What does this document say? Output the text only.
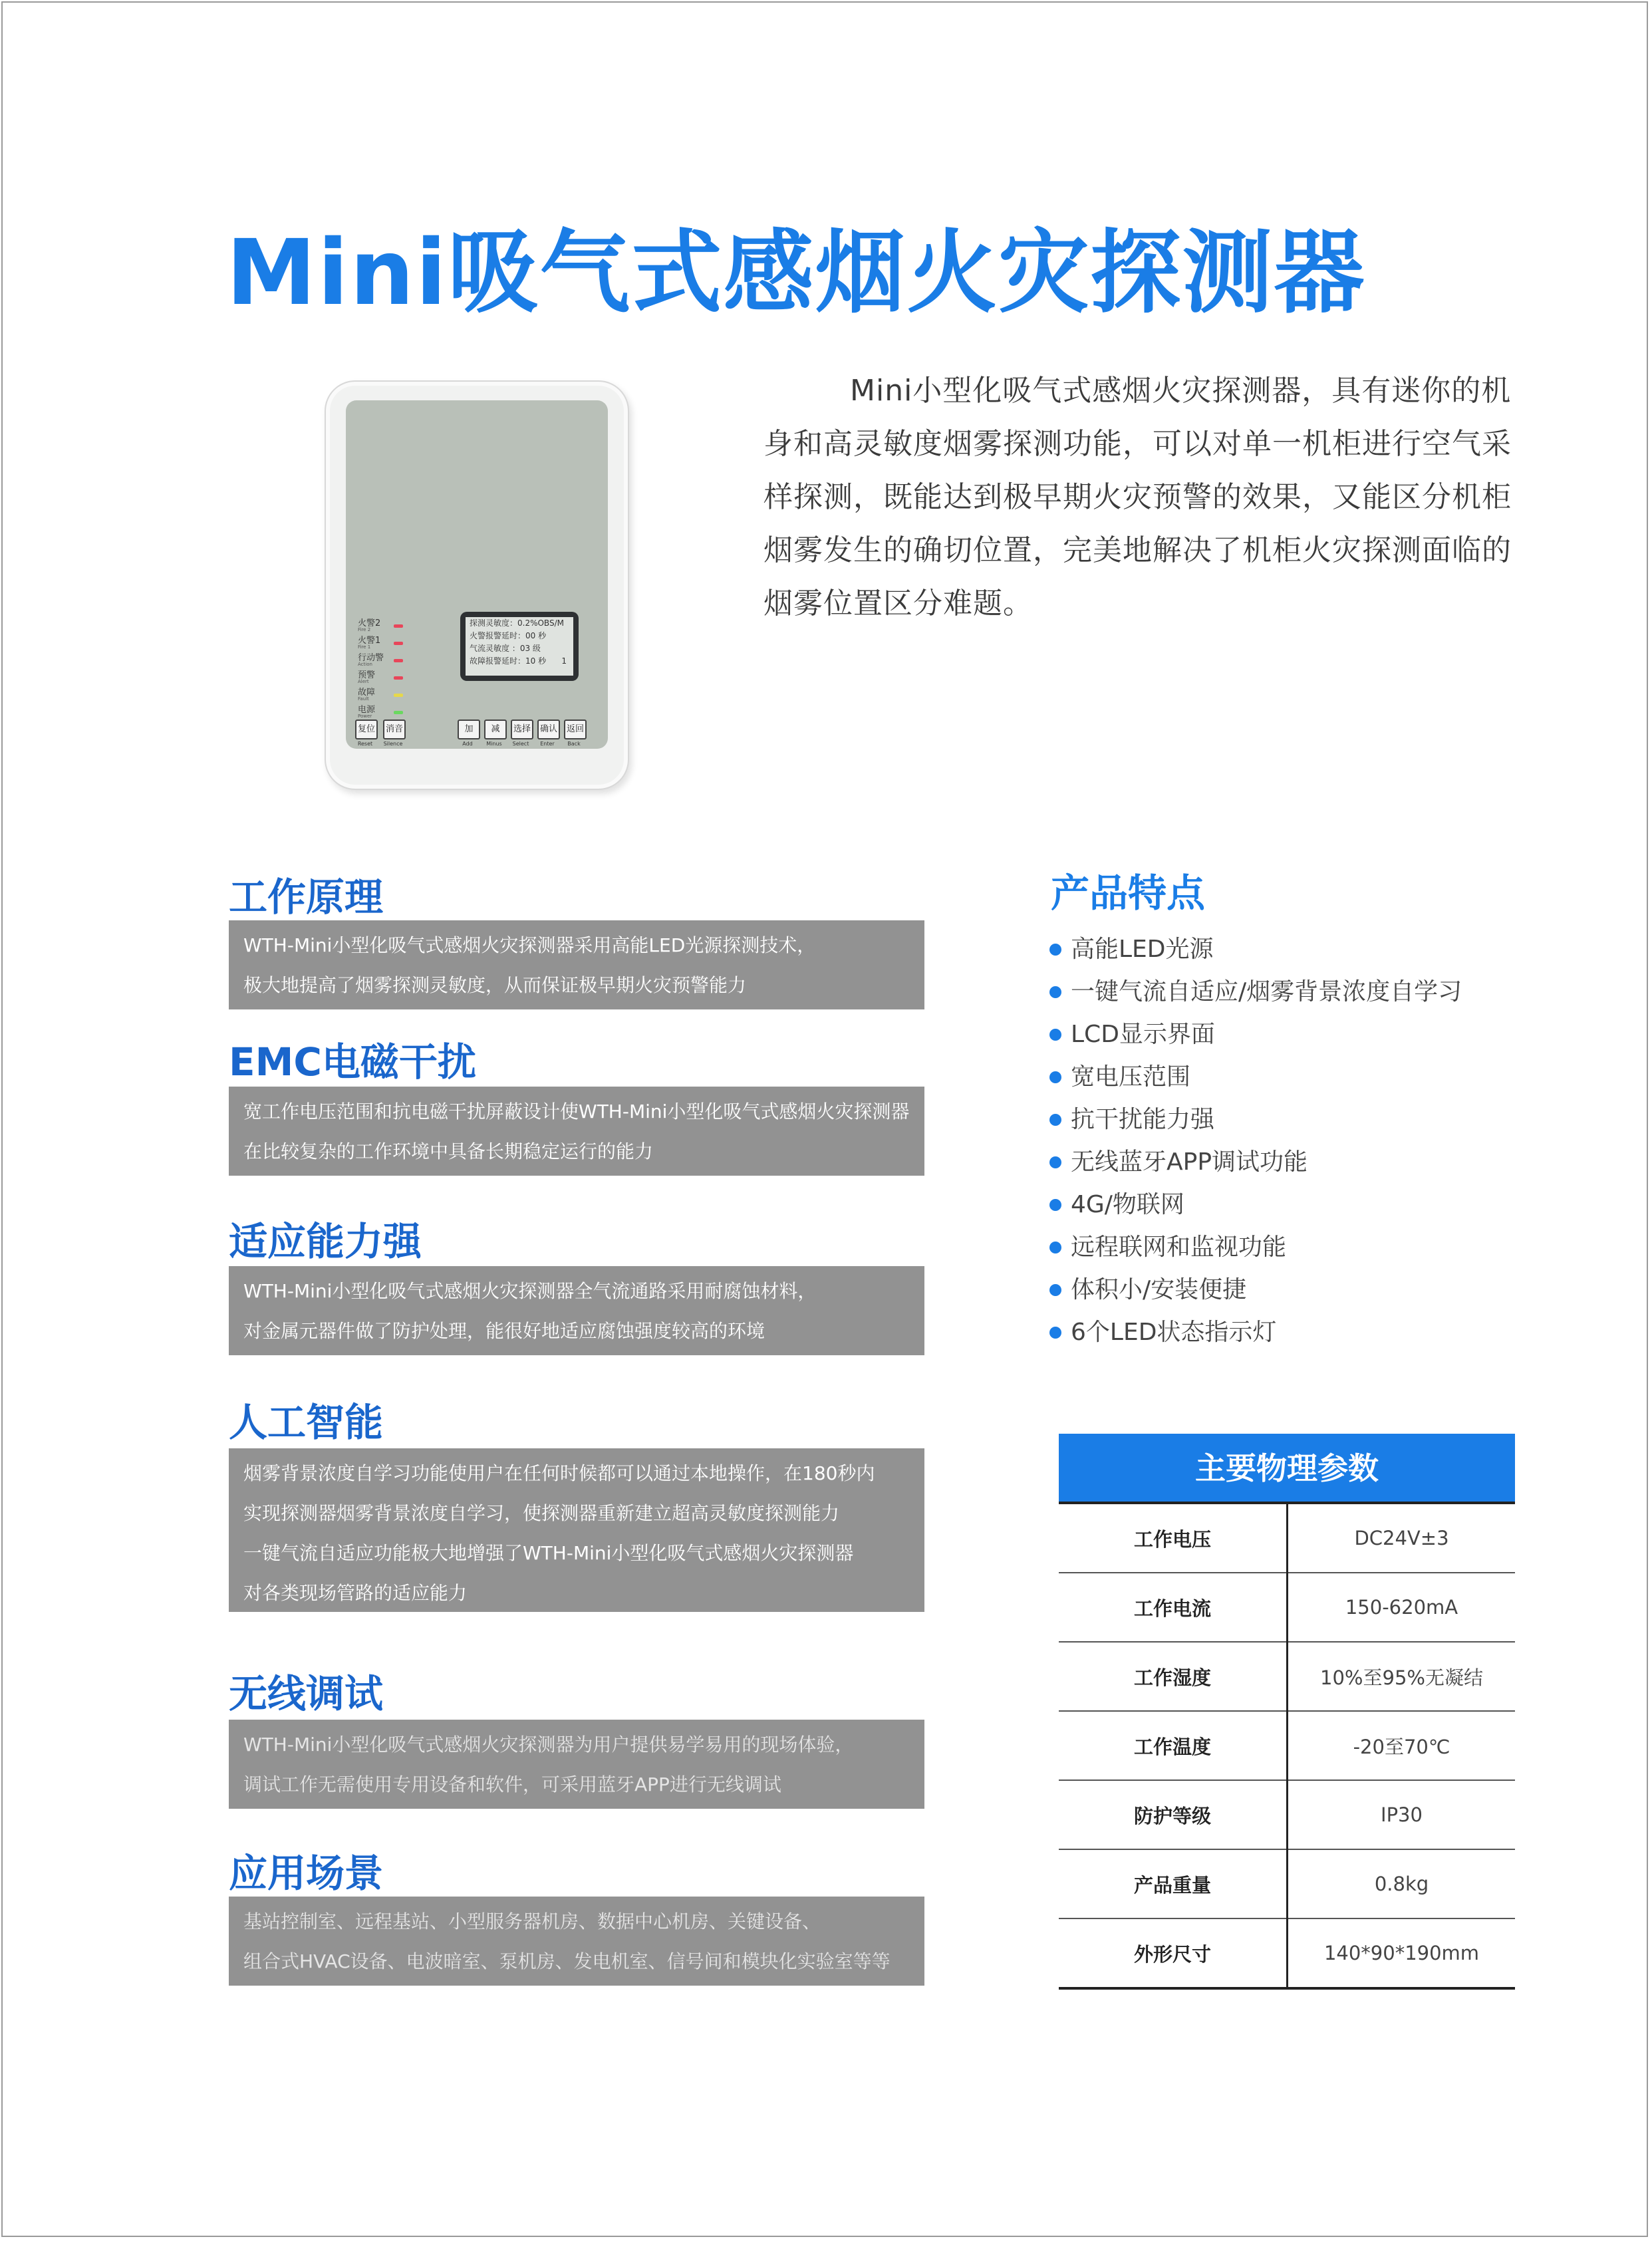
Mini吸气式感烟火灾探测器

Mini小型化吸气式感烟火灾探测器，具有迷你的机身和高灵敏度烟雾探测功能，可以对单一机柜进行空气采样探测，既能达到极早期火灾预警的效果，又能区分机柜烟雾发生的确切位置，完美地解决了机柜火灾探测面临的烟雾位置区分难题。

火警2
Fire 2
火警1
Fire 1
行动警
Action
预警
Alert
故障
Fault
电源
Power
探测灵敏度：0.2%OBS/M
火警报警延时：00 秒
气流灵敏度 ：03 级
故障报警延时：10 秒 1
复位
Reset
消音
Silence
加
Add
减
Minus
选择
Select
确认
Enter
返回
Back
工作原理

WTH-Mini小型化吸气式感烟火灾探测器采用高能LED光源探测技术，

极大地提高了烟雾探测灵敏度，从而保证极早期火灾预警能力

EMC电磁干扰

宽工作电压范围和抗电磁干扰屏蔽设计使WTH-Mini小型化吸气式感烟火灾探测器

在比较复杂的工作环境中具备长期稳定运行的能力

适应能力强

WTH-Mini小型化吸气式感烟火灾探测器全气流通路采用耐腐蚀材料，

对金属元器件做了防护处理，能很好地适应腐蚀强度较高的环境

人工智能

烟雾背景浓度自学习功能使用户在任何时候都可以通过本地操作，在180秒内

实现探测器烟雾背景浓度自学习，使探测器重新建立超高灵敏度探测能力

一键气流自适应功能极大地增强了WTH-Mini小型化吸气式感烟火灾探测器

对各类现场管路的适应能力

无线调试

WTH-Mini小型化吸气式感烟火灾探测器为用户提供易学易用的现场体验，

调试工作无需使用专用设备和软件，可采用蓝牙APP进行无线调试

应用场景

基站控制室、远程基站、小型服务器机房、数据中心机房、关键设备、

组合式HVAC设备、电波暗室、泵机房、发电机室、信号间和模块化实验室等等

产品特点
高能LED光源
一键气流自适应/烟雾背景浓度自学习
LCD显示界面
宽电压范围
抗干扰能力强
无线蓝牙APP调试功能
4G/物联网
远程联网和监视功能
体积小/安装便捷
6个LED状态指示灯
主要物理参数
工作电压	DC24V±3
工作电流	150-620mA
工作湿度	10%至95%无凝结
工作温度	-20至70℃
防护等级	IP30
产品重量	0.8kg
外形尺寸	140*90*190mm
